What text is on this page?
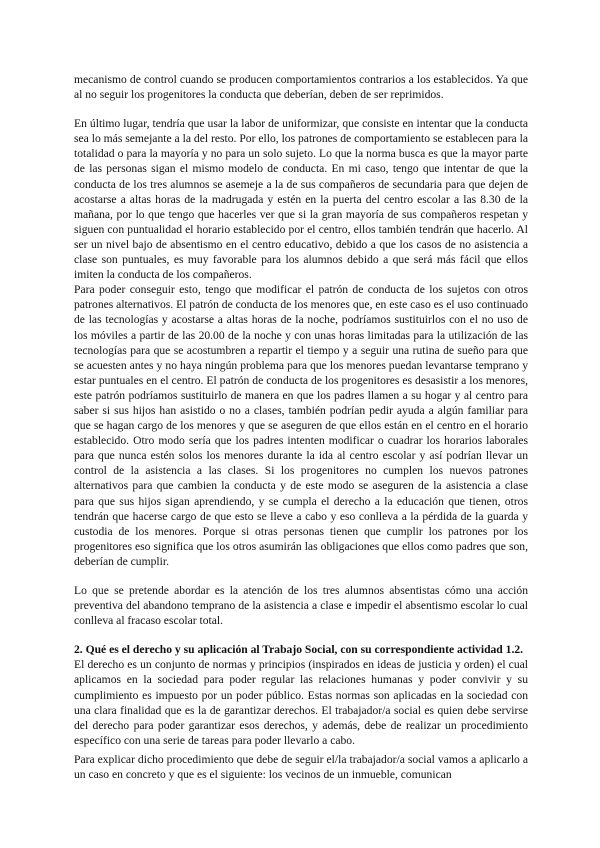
mecanismo de control cuando se producen comportamientos contrarios a los establecidos. Ya que al no seguir los progenitores la conducta que deberían, deben de ser reprimidos.

En último lugar, tendría que usar la labor de uniformizar, que consiste en intentar que la conducta sea lo más semejante a la del resto. Por ello, los patrones de comportamiento se establecen para la totalidad o para la mayoría y no para un solo sujeto. Lo que la norma busca es que la mayor parte de las personas sigan el mismo modelo de conducta. En mi caso, tengo que intentar de que la conducta de los tres alumnos se asemeje a la de sus compañeros de secundaria para que dejen de acostarse a altas horas de la madrugada y estén en la puerta del centro escolar a las 8.30 de la mañana, por lo que tengo que hacerles ver que si la gran mayoría de sus compañeros respetan y siguen con puntualidad el horario establecido por el centro, ellos también tendrán que hacerlo. Al ser un nivel bajo de absentismo en el centro educativo, debido a que los casos de no asistencia a clase son puntuales, es muy favorable para los alumnos debido a que será más fácil que ellos imiten la conducta de los compañeros.

Para poder conseguir esto, tengo que modificar el patrón de conducta de los sujetos con otros patrones alternativos. El patrón de conducta de los menores que, en este caso es el uso continuado de las tecnologías y acostarse a altas horas de la noche, podríamos sustituirlos con el no uso de los móviles a partir de las 20.00 de la noche y con unas horas limitadas para la utilización de las tecnologías para que se acostumbren a repartir el tiempo y a seguir una rutina de sueño para que se acuesten antes y no haya ningún problema para que los menores puedan levantarse temprano y estar puntuales en el centro. El patrón de conducta de los progenitores es desasistir a los menores, este patrón podríamos sustituirlo de manera en que los padres llamen a su hogar y al centro para saber si sus hijos han asistido o no a clases, también podrían pedir ayuda a algún familiar para que se hagan cargo de los menores y que se aseguren de que ellos están en el centro en el horario establecido. Otro modo sería que los padres intenten modificar o cuadrar los horarios laborales para que nunca estén solos los menores durante la ida al centro escolar y así podrían llevar un control de la asistencia a las clases. Si los progenitores no cumplen los nuevos patrones alternativos para que cambien la conducta y de este modo se aseguren de la asistencia a clase para que sus hijos sigan aprendiendo, y se cumpla el derecho a la educación que tienen, otros tendrán que hacerse cargo de que esto se lleve a cabo y eso conlleva a la pérdida de la guarda y custodia de los menores. Porque si otras personas tienen que cumplir los patrones por los progenitores eso significa que los otros asumirán las obligaciones que ellos como padres que son, deberían de cumplir.

Lo que se pretende abordar es la atención de los tres alumnos absentistas cómo una acción preventiva del abandono temprano de la asistencia a clase e impedir el absentismo escolar lo cual conlleva al fracaso escolar total.

2. Qué es el derecho y su aplicación al Trabajo Social, con su correspondiente actividad 1.2.

El derecho es un conjunto de normas y principios (inspirados en ideas de justicia y orden) el cual aplicamos en la sociedad para poder regular las relaciones humanas y poder convivir y su cumplimiento es impuesto por un poder público. Estas normas son aplicadas en la sociedad con una clara finalidad que es la de garantizar derechos. El trabajador/a social es quien debe servirse del derecho para poder garantizar esos derechos, y además, debe de realizar un procedimiento específico con una serie de tareas para poder llevarlo a cabo.

Para explicar dicho procedimiento que debe de seguir el/la trabajador/a social vamos a aplicarlo a un caso en concreto y que es el siguiente: los vecinos de un inmueble, comunican
